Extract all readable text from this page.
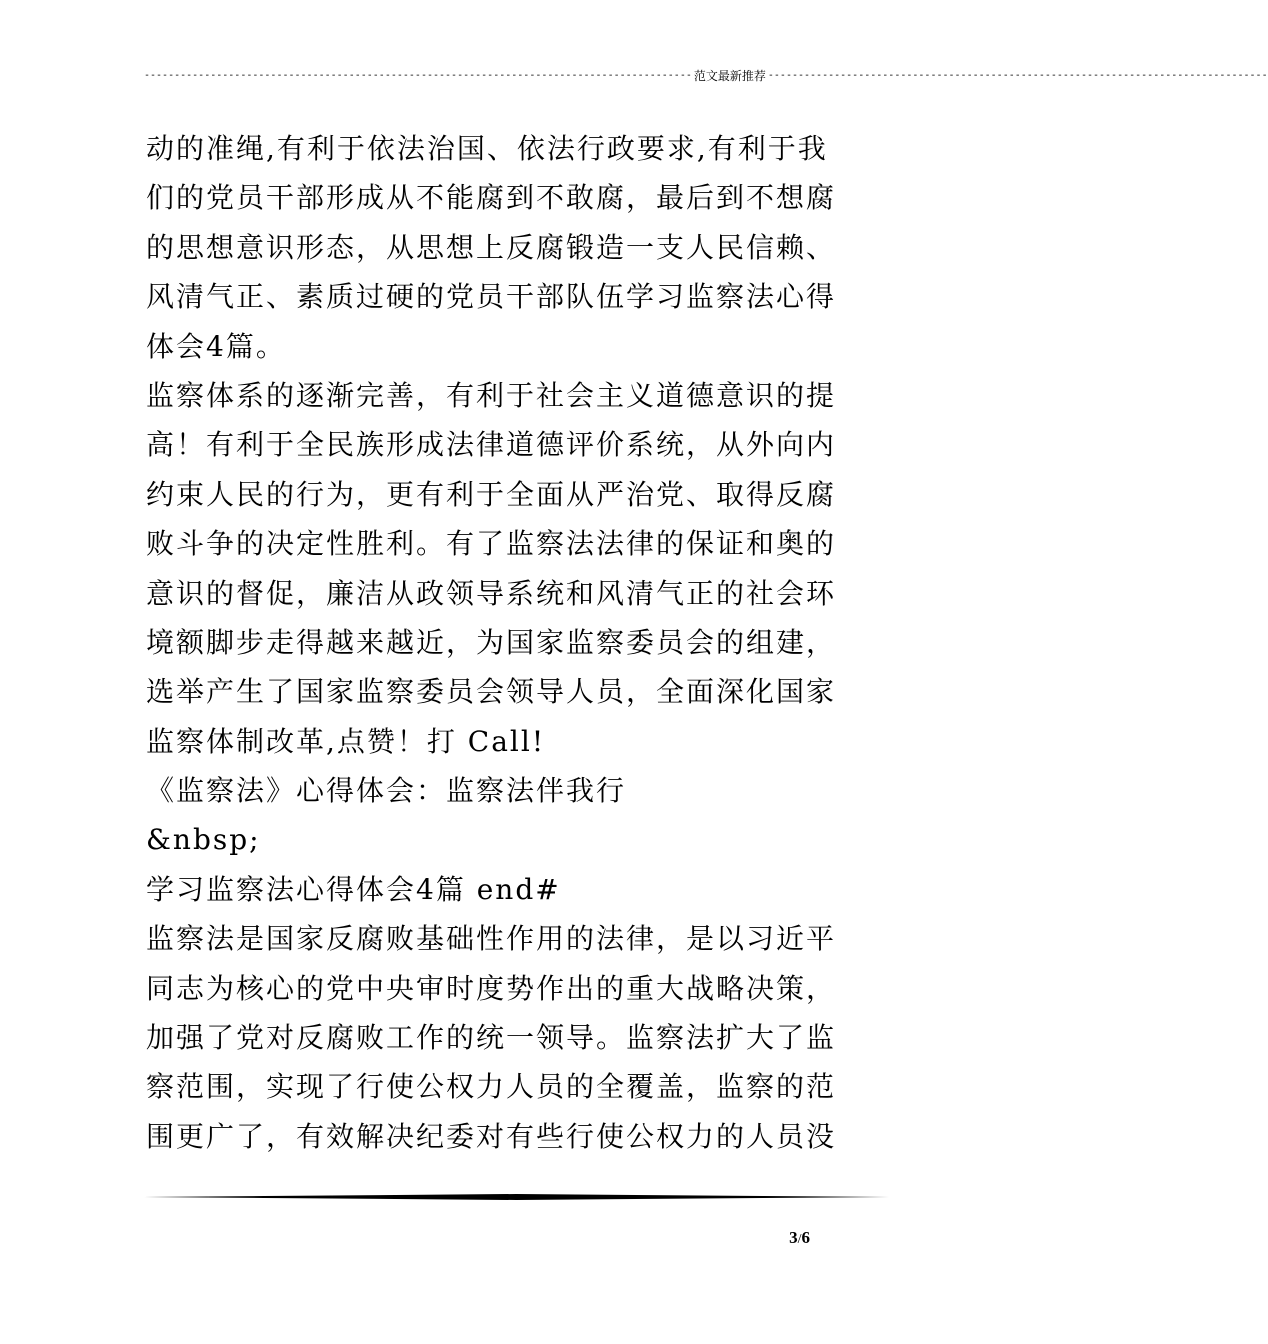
------------------------------------------------------------------------------------------- 范文最新推荐 -----------------------------------------------------------------------------------
动的准绳,有利于依法治国、依法行政要求,有利于我
们的党员干部形成从不能腐到不敢腐，最后到不想腐
的思想意识形态，从思想上反腐锻造一支人民信赖、
风清气正、素质过硬的党员干部队伍学习监察法心得
体会4篇。
监察体系的逐渐完善，有利于社会主义道德意识的提
高！有利于全民族形成法律道德评价系统，从外向内
约束人民的行为，更有利于全面从严治党、取得反腐
败斗争的决定性胜利。有了监察法法律的保证和奥的
意识的督促，廉洁从政领导系统和风清气正的社会环
境额脚步走得越来越近，为国家监察委员会的组建，
选举产生了国家监察委员会领导人员，全面深化国家
监察体制改革,点赞！打 Call!
《监察法》心得体会：监察法伴我行
&nbsp;
学习监察法心得体会4篇 end#
监察法是国家反腐败基础性作用的法律，是以习近平
同志为核心的党中央审时度势作出的重大战略决策，
加强了党对反腐败工作的统一领导。监察法扩大了监
察范围，实现了行使公权力人员的全覆盖，监察的范
围更广了，有效解决纪委对有些行使公权力的人员没
3/6
